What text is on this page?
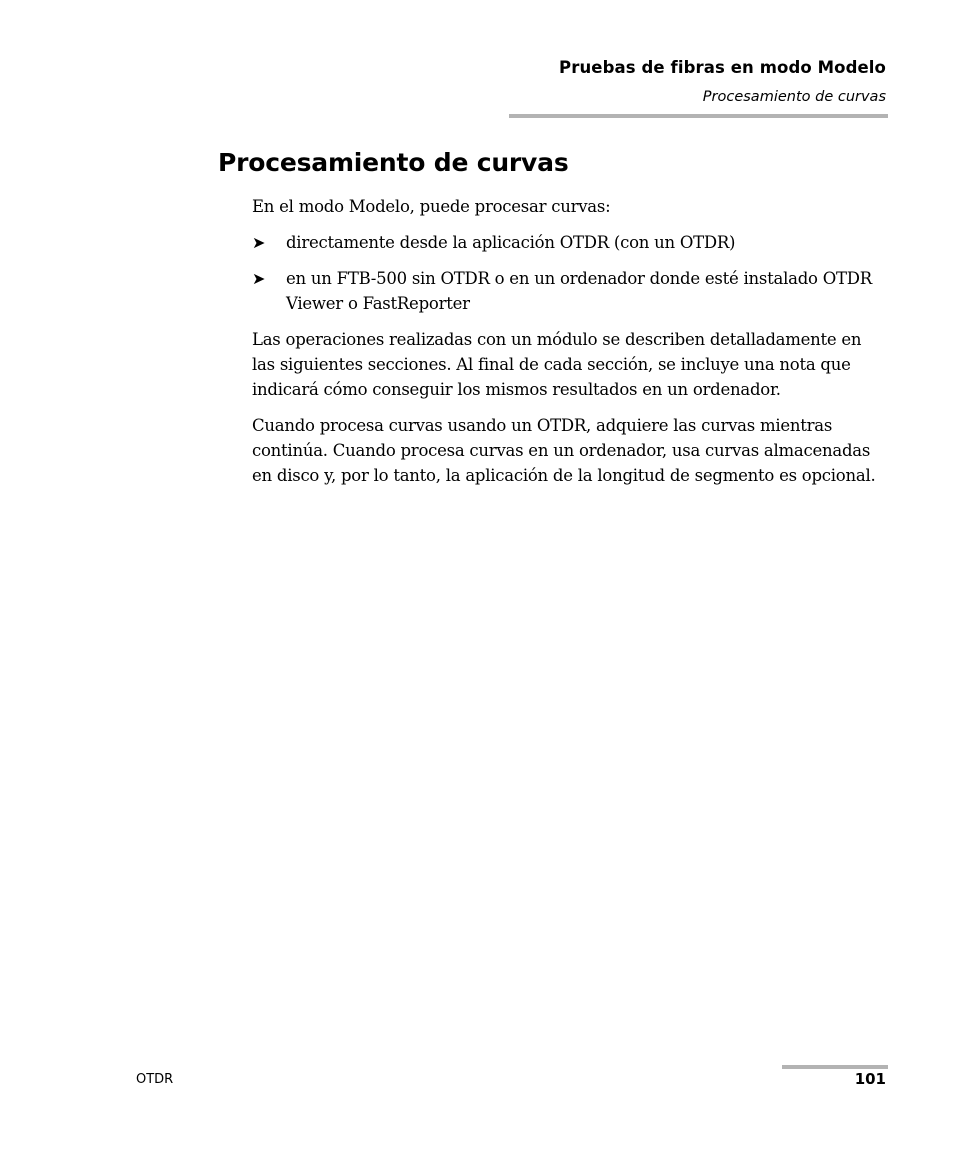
Pruebas de fibras en modo Modelo
Procesamiento de curvas
Procesamiento de curvas

En el modo Modelo, puede procesar curvas:

➤ directamente desde la aplicación OTDR (con un OTDR)
➤ en un FTB-500 sin OTDR o en un ordenador donde esté instalado OTDR Viewer o FastReporter

Las operaciones realizadas con un módulo se describen detalladamente en las siguientes secciones. Al final de cada sección, se incluye una nota que indicará cómo conseguir los mismos resultados en un ordenador.

Cuando procesa curvas usando un OTDR, adquiere las curvas mientras continúa. Cuando procesa curvas en un ordenador, usa curvas almacenadas en disco y, por lo tanto, la aplicación de la longitud de segmento es opcional.

OTDR	101
